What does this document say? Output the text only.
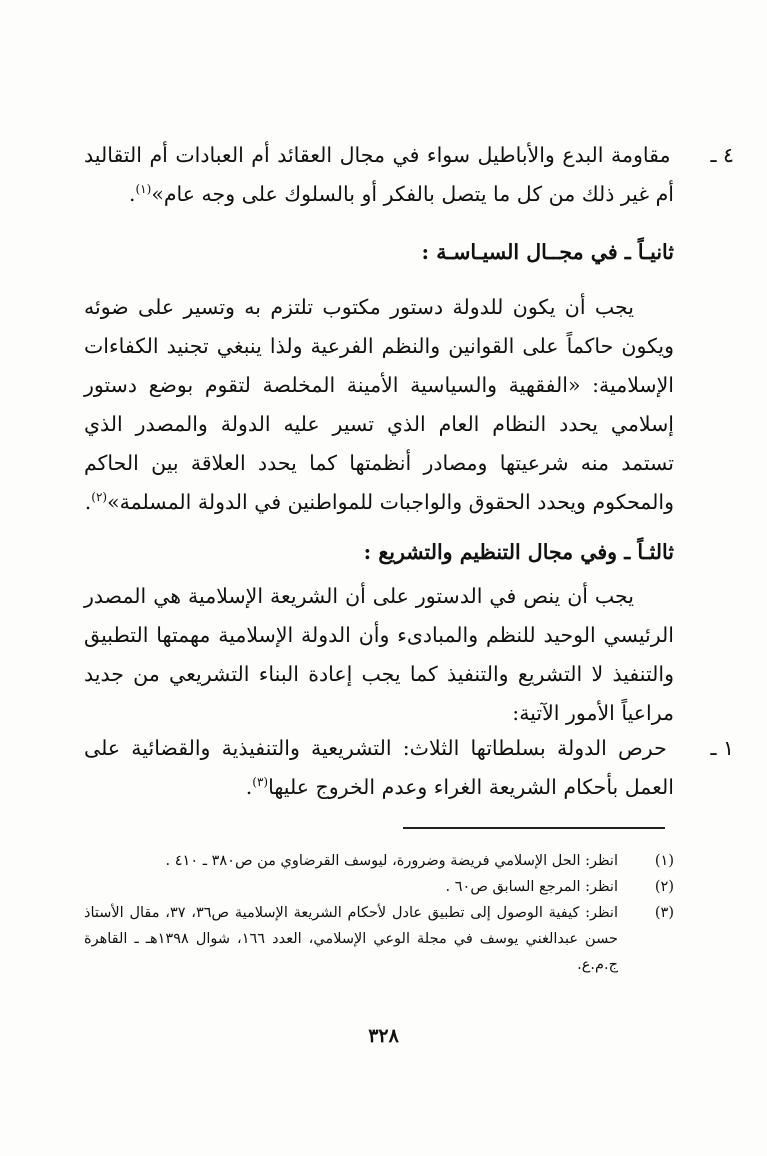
٤ ـ مقاومة البدع والأباطيل سواء في مجال العقائد أم العبادات أم التقاليد أم غير ذلك من كل ما يتصل بالفكر أو بالسلوك على وجه عام»$^{(١)}$.
ثانيـاً ـ في مجــال السيـاسـة :
يجب أن يكون للدولة دستور مكتوب تلتزم به وتسير على ضوئه ويكون حاكماً على القوانين والنظم الفرعية ولذا ينبغي تجنيد الكفاءات الإسلامية: «الفقهية والسياسية الأمينة المخلصة لتقوم بوضع دستور إسلامي يحدد النظام العام الذي تسير عليه الدولة والمصدر الذي تستمد منه شرعيتها ومصادر أنظمتها كما يحدد العلاقة بين الحاكم والمحكوم ويحدد الحقوق والواجبات للمواطنين في الدولة المسلمة»$^{(٢)}$.
ثالثـاً ـ وفي مجال التنظيم والتشريع :
يجب أن ينص في الدستور على أن الشريعة الإسلامية هي المصدر الرئيسي الوحيد للنظم والمبادىء وأن الدولة الإسلامية مهمتها التطبيق والتنفيذ لا التشريع والتنفيذ كما يجب إعادة البناء التشريعي من جديد مراعياً الأمور الآتية:
١ ـ حرص الدولة بسلطاتها الثلاث: التشريعية والتنفيذية والقضائية على العمل بأحكام الشريعة الغراء وعدم الخروج عليها$^{(٣)}$.
(١)
انظر: الحل الإسلامي فريضة وضرورة، ليوسف القرضاوي من ص٣٨٠ ـ ٤١٠ .
(٢)
انظر: المرجع السابق ص٦٠ .
(٣)
انظر: كيفية الوصول إلى تطبيق عادل لأحكام الشريعة الإسلامية ص٣٦، ٣٧، مقال الأستاذ حسن عبدالغني يوسف في مجلة الوعي الإسلامي، العدد ١٦٦، شوال ١٣٩٨هـ ـ القاهرة ج.م.ع.
٣٢٨
